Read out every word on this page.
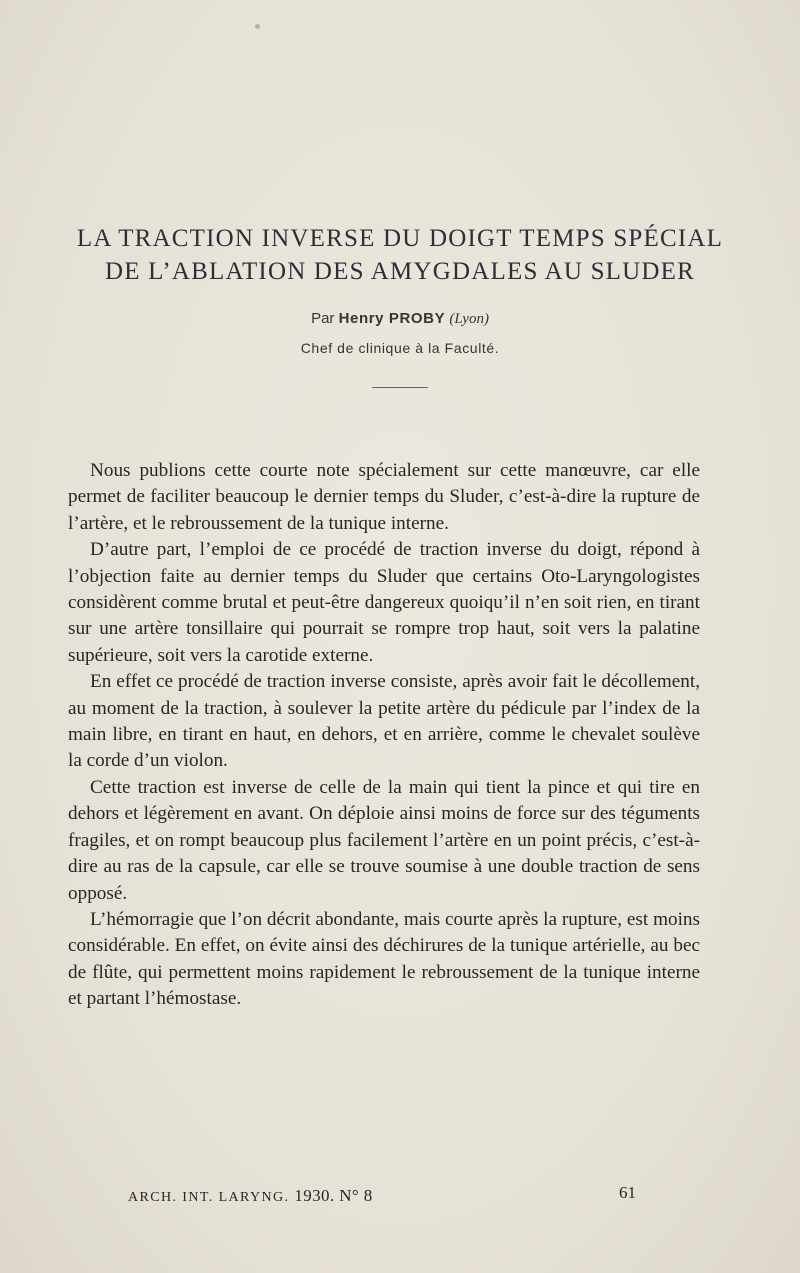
LA TRACTION INVERSE DU DOIGT TEMPS SPÉCIAL
DE L’ABLATION DES AMYGDALES AU SLUDER
Par Henry PROBY (Lyon)
Chef de clinique à la Faculté.

Nous publions cette courte note spécialement sur cette manœuvre, car elle permet de faciliter beaucoup le dernier temps du Sluder, c’est-à-dire la rupture de l’artère, et le rebroussement de la tunique interne.

D’autre part, l’emploi de ce procédé de traction inverse du doigt, répond à l’objection faite au dernier temps du Sluder que certains Oto-Laryngologistes considèrent comme brutal et peut-être dangereux quoiqu’il n’en soit rien, en tirant sur une artère tonsillaire qui pourrait se rompre trop haut, soit vers la palatine supérieure, soit vers la carotide externe.

En effet ce procédé de traction inverse consiste, après avoir fait le décollement, au moment de la traction, à soulever la petite artère du pédicule par l’index de la main libre, en tirant en haut, en dehors, et en arrière, comme le chevalet soulève la corde d’un violon.

Cette traction est inverse de celle de la main qui tient la pince et qui tire en dehors et légèrement en avant. On déploie ainsi moins de force sur des téguments fragiles, et on rompt beaucoup plus facilement l’artère en un point précis, c’est-à-dire au ras de la capsule, car elle se trouve soumise à une double traction de sens opposé.

L’hémorragie que l’on décrit abondante, mais courte après la rupture, est moins considérable. En effet, on évite ainsi des déchirures de la tunique artérielle, au bec de flûte, qui permettent moins rapidement le rebroussement de la tunique interne et partant l’hémostase.

ARCH. INT. LARYNG. 1930. N° 8	61
